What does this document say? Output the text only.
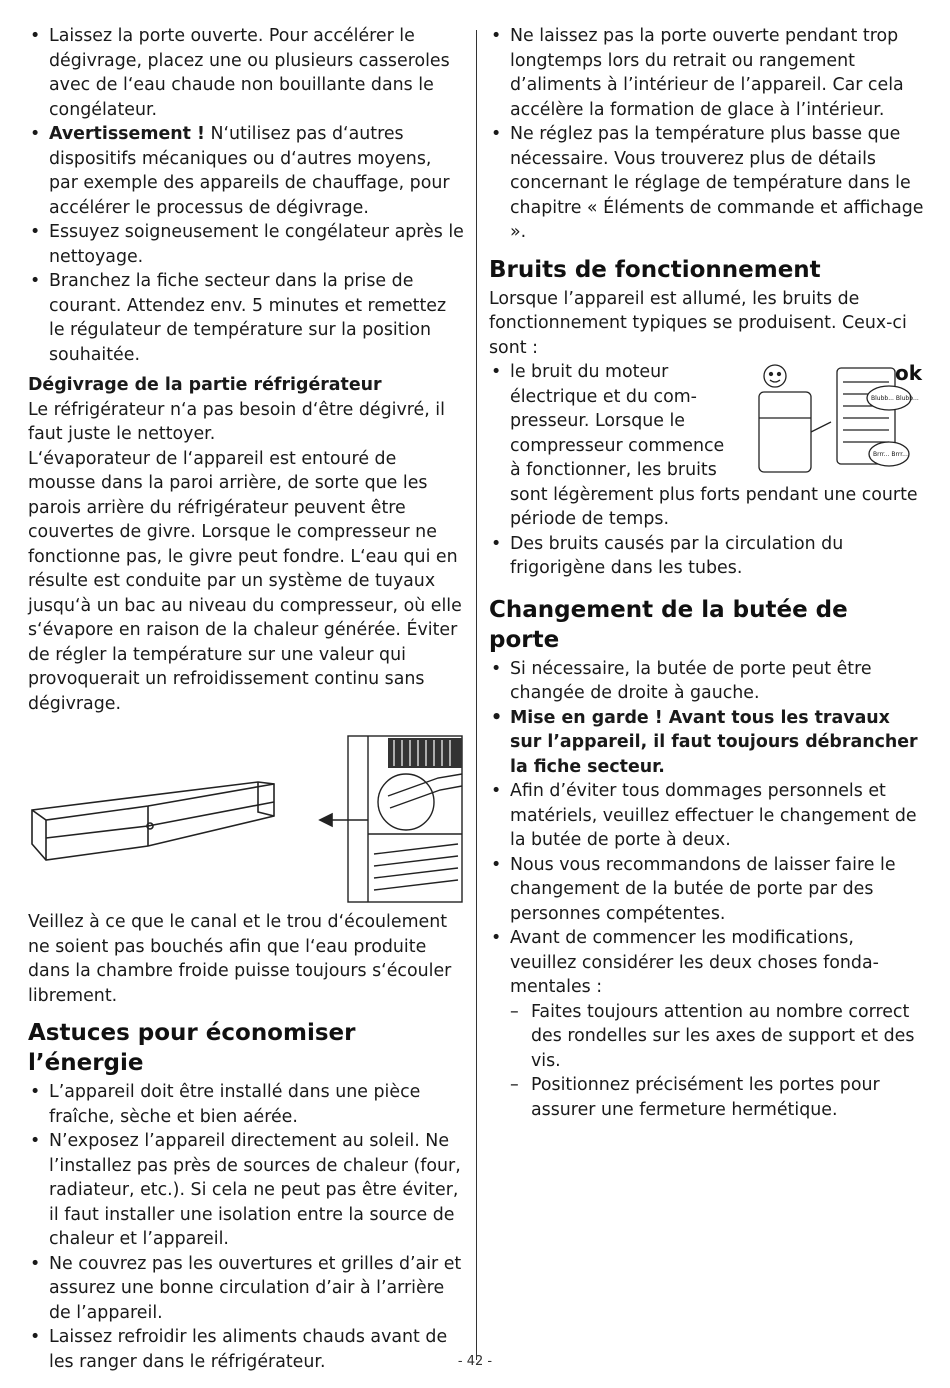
• Laissez la porte ouverte. Pour accélérer le dégivrage, placez une ou plusieurs casseroles avec de l‘eau chaude non bouillante dans le congélateur.

• Avertissement ! N‘utilisez pas d‘autres dispositifs mécaniques ou d‘autres moyens, par exemple des appareils de chauffage, pour accélérer le processus de dégivrage.

• Essuyez soigneusement le congélateur après le nettoyage.

• Branchez la fiche secteur dans la prise de courant. Attendez env. 5 minutes et remettez le régulateur de température sur la position souhaitée.

Dégivrage de la partie réfrigérateur

Le réfrigérateur n‘a pas besoin d‘être dégivré, il faut juste le nettoyer.

L‘évaporateur de l‘appareil est entouré de mousse dans la paroi arrière, de sorte que les parois arrière du réfrigérateur peuvent être couvertes de givre. Lorsque le compresseur ne fonctionne pas, le givre peut fondre. L‘eau qui en résulte est conduite par un système de tuyaux jusqu‘à un bac au niveau du compresseur, où elle s‘évapore en raison de la chaleur générée. Éviter de régler la température sur une valeur qui provoquerait un refroidissement continu sans dégivrage.

Veillez à ce que le canal et le trou d‘écoulement ne soient pas bouchés afin que l‘eau produite dans la chambre froide puisse toujours s‘écouler librement.

Astuces pour économiser l’énergie

• L’appareil doit être installé dans une pièce fraîche, sèche et bien aérée.

• N’exposez l’appareil directement au soleil. Ne l’installez pas près de sources de chaleur (four, radiateur, etc.). Si cela ne peut pas être éviter, il faut installer une isolation entre la source de chaleur et l’appareil.

• Ne couvrez pas les ouvertures et grilles d’air et assurez une bonne circulation d’air à l’arrière de l’appareil.

• Laissez refroidir les aliments chauds avant de les ranger dans le réfrigérateur.

• Ne laissez pas la porte ouverte pendant trop longtemps lors du retrait ou rangement d’aliments à l’intérieur de l’appareil. Car cela accélère la formation de glace à l’intérieur.

• Ne réglez pas la température plus basse que nécessaire. Vous trouverez plus de détails concernant le réglage de température dans le chapitre « Éléments de commande et affichage ».

Bruits de fonctionnement

Lorsque l’appareil est allumé, les bruits de fonctionnement typiques se produisent. Ceux-ci sont :

ok
Blubb... Blubb...
Brrr... Brrr...

• le bruit du moteur électrique et du compresseur. Lorsque le compresseur commence à fonctionner, les bruits sont légèrement plus forts pendant une courte période de temps.

• Des bruits causés par la circulation du frigorigène dans les tubes.

Changement de la butée de porte

• Si nécessaire, la butée de porte peut être changée de droite à gauche.

• Mise en garde ! Avant tous les travaux sur l’appareil, il faut toujours débrancher la fiche secteur.

• Afin d’éviter tous dommages personnels et matériels, veuillez effectuer le changement de la butée de porte à deux.

• Nous vous recommandons de laisser faire le changement de la butée de porte par des personnes compétentes.

• Avant de commencer les modifications, veuillez considérer les deux choses fondamentales :

– Faites toujours attention au nombre correct des rondelles sur les axes de support et des vis.

– Positionnez précisément les portes pour assurer une fermeture hermétique.

- 42 -
